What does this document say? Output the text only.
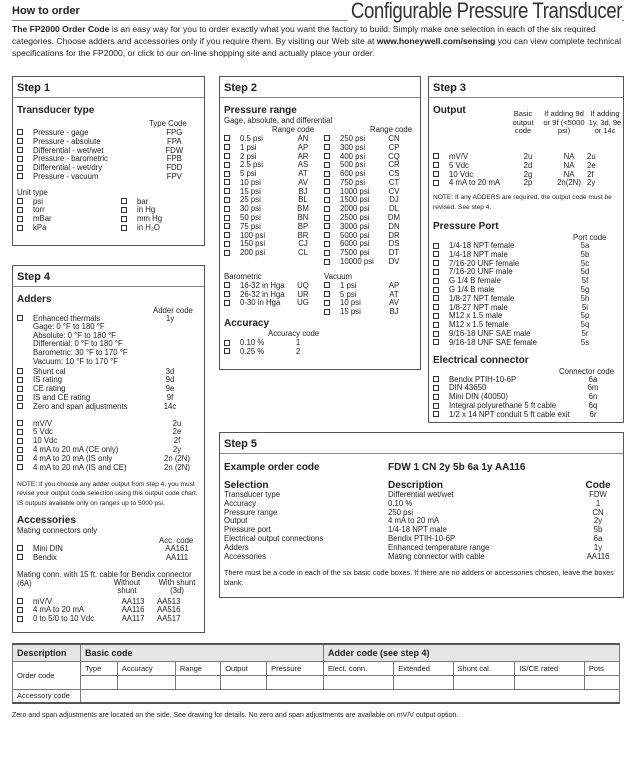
How to order	Configurable Pressure Transducer
The FP2000 Order Code is an easy way for you to order exactly what you want the factory to build. Simply make one selection in each of the six required categories. Choose adders and accessories only if you require them. By visiting our Web site at www.honeywell.com/sensing you can view complete technical specifications for the FP2000, or click to our on-line shopping site and actually place your order.
Step 1
Transducer type
Type Code
Pressure - gage	FPG
Pressure - absolute	FPA
Differential - wet/wet	FDW
Pressure - barometric	FPB
Differential - wet/dry	FDD
Pressure - vacuum	FPV
Unit type
psi
torr
mBar
kPa
bar
in Hg
mm Hg
in H₂O
Step 2
Pressure range
Gage, absolute, and differential
Range code	Range code
0.5 psi	AN
1 psi	AP
2 psi	AR
2.5 psi	AS
5 psi	AT
10 psi	AV
15 psi	BJ
25 psi	BL
30 psi	BM
50 psi	BN
75 psi	BP
100 psi	BR
150 psi	CJ
200 psi	CL
250 psi	CN
300 psi	CP
400 psi	CQ
500 psi	CR
600 psi	CS
750 psi	CT
1000 psi	CV
1500 psi	DJ
2000 psi	DL
2500 psi	DM
3000 psi	DN
5000 psi	DR
6000 psi	DS
7500 psi	DT
10000 psi	DV
Barometric
16-32 in Hga	UQ
26-32 in Hga	UR
0-30 in Hga	UG
Vacuum
1 psi	AP
5 psi	AT
10 psi	AV
15 psi	BJ
Accuracy
Accuracy code
0.10 %	1
0.25 %	2
Step 3
Output	Basic output code
If adding 9d or 9f (<5000 psi)
If adding 1y, 3d, 9e or 14c
mV/V	2u	NA	2u
5 Vdc	2d	NA	2e
10 Vdc	2g	NA	2f
4 mA to 20 mA	2p	2n(2N) 2y
NOTE: If any ADDERS are required, the output code must be revised. See step 4.
Pressure Port
Port code
1/4-18 NPT female	5a
1/4-18 NPT male	5b
7/16-20 UNF female	5c
7/16-20 UNF male	5d
G 1/4 B female	5f
G 1/4 B male	5g
1/8-27 NPT female	5h
1/8-27 NPT male	5i
M12 x 1.5 male	5p
M12 x 1.5 female	5q
9/16-18 UNF SAE male	5r
9/16-18 UNF SAE female	5s
Electrical connector
Connector code
Bendix PTIH-10-6P	6a
DIN 43650	6m
Mini DIN (40050)	6n
Integral polyurethane 5 ft cable	6q
1/2 x 14 NPT conduit 5 ft cable exit	6r
Step 4
Adders
Adder code
Enhanced thermals	1y
Gage: 0 °F to 180 °F
Absolute: 0 °F to 180 °F
Differential: 0 °F to 180 °F
Barometric: 30 °F to 170 °F
Vacuum: 10 °F to 170 °F
Shunt cal	3d
IS rating	9d
CE rating	9e
IS and CE rating	9f
Zero and span adjustments	14c
mV/V	2u
5 Vdc	2e
10 Vdc	2f
4 mA to 20 mA (CE only)	2y
4 mA to 20 mA (IS only	2n (2N)
4 mA to 20 mA (IS and CE)	2n (2N)
NOTE: If you choose any adder output from step 4, you must revise your output code selection using this output code chart. IS outputs available only on ranges up to 5000 psi.
Accessories
Mating connectors only
Acc. code
Mini DIN	AA161
Bendix	AA111
Mating conn. with 15 ft. cable for Bendix connector (6A)	Without shunt
With shunt (3d)
mV/V	AA113	AA513
4 mA to 20 mA	AA116	AA516
0 to 5/0 to 10 Vdc	AA117	AA517
Step 5
Example order code	FDW 1 CN 2y 5b 6a 1y AA116
Selection	Description	Code
Transducer type	Differential wet/wet	FDW
Accuracy	0.10 %	1
Pressure range	250 psi	CN
Output	4 mA to 20 mA	2y
Pressure port	1/4-18 NPT male	5b
Electrical output connections	Bendix PTIH-10-6P	6a
Adders	Enhanced temperature range	1y
Accessories	Mating connector with cable	AA116
There must be a code in each of the six basic code boxes. If there are no adders or accessories chosen, leave the boxes blank.
Description	Basic code					Adder code (see step 4)				
Order code	Type	Accuracy	Range	Output	Pressure	Elect. conn.	Extended	Shunt cal.	IS/CE rated	Pots

Accessory code										
Zero and span adjustments are located on the side. See drawing for details. No zero and span adjustments are available on mV/V output option.
